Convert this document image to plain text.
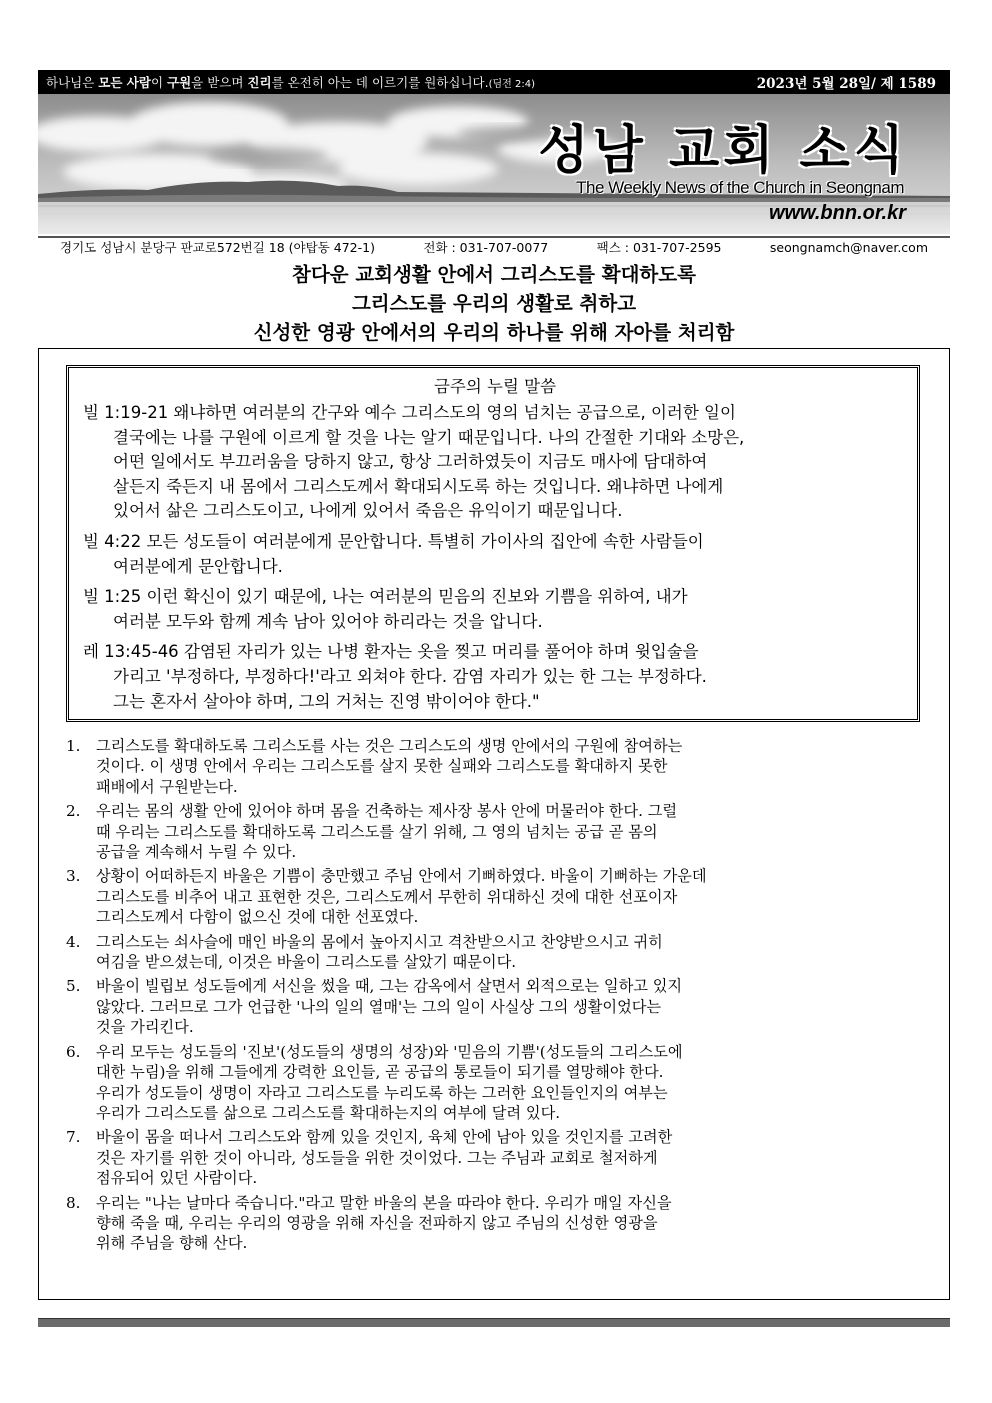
하나님은 모든 사람이 구원을 받으며 진리를 온전히 아는 데 이르기를 원하십니다.(딤전 2:4)	2023년 5월 28일/ 제 1589
성남 교회 소식
The Weekly News of the Church in Seongnam
www.bnn.or.kr
경기도 성남시 분당구 판교로572번길 18 (야탑동 472-1)	전화 : 031-707-0077	팩스 : 031-707-2595	seongnamch@naver.com
참다운 교회생활 안에서 그리스도를 확대하도록
그리스도를 우리의 생활로 취하고
신성한 영광 안에서의 우리의 하나를 위해 자아를 처리함
금주의 누릴 말씀
빌 1:19-21 왜냐하면 여러분의 간구와 예수 그리스도의 영의 넘치는 공급으로, 이러한 일이
결국에는 나를 구원에 이르게 할 것을 나는 알기 때문입니다. 나의 간절한 기대와 소망은,
어떤 일에서도 부끄러움을 당하지 않고, 항상 그러하였듯이 지금도 매사에 담대하여
살든지 죽든지 내 몸에서 그리스도께서 확대되시도록 하는 것입니다. 왜냐하면 나에게
있어서 삶은 그리스도이고, 나에게 있어서 죽음은 유익이기 때문입니다.
빌 4:22 모든 성도들이 여러분에게 문안합니다. 특별히 가이사의 집안에 속한 사람들이
여러분에게 문안합니다.
빌 1:25 이런 확신이 있기 때문에, 나는 여러분의 믿음의 진보와 기쁨을 위하여, 내가
여러분 모두와 함께 계속 남아 있어야 하리라는 것을 압니다.
레 13:45-46 감염된 자리가 있는 나병 환자는 옷을 찢고 머리를 풀어야 하며 윗입술을
가리고 '부정하다, 부정하다!'라고 외쳐야 한다. 감염 자리가 있는 한 그는 부정하다.
그는 혼자서 살아야 하며, 그의 거처는 진영 밖이어야 한다."
1. 그리스도를 확대하도록 그리스도를 사는 것은 그리스도의 생명 안에서의 구원에 참여하는
것이다. 이 생명 안에서 우리는 그리스도를 살지 못한 실패와 그리스도를 확대하지 못한
패배에서 구원받는다.
2. 우리는 몸의 생활 안에 있어야 하며 몸을 건축하는 제사장 봉사 안에 머물러야 한다. 그럴
때 우리는 그리스도를 확대하도록 그리스도를 살기 위해, 그 영의 넘치는 공급 곧 몸의
공급을 계속해서 누릴 수 있다.
3. 상황이 어떠하든지 바울은 기쁨이 충만했고 주님 안에서 기뻐하였다. 바울이 기뻐하는 가운데
그리스도를 비추어 내고 표현한 것은, 그리스도께서 무한히 위대하신 것에 대한 선포이자
그리스도께서 다함이 없으신 것에 대한 선포였다.
4. 그리스도는 쇠사슬에 매인 바울의 몸에서 높아지시고 격찬받으시고 찬양받으시고 귀히
여김을 받으셨는데, 이것은 바울이 그리스도를 살았기 때문이다.
5. 바울이 빌립보 성도들에게 서신을 썼을 때, 그는 감옥에서 살면서 외적으로는 일하고 있지
않았다. 그러므로 그가 언급한 '나의 일의 열매'는 그의 일이 사실상 그의 생활이었다는
것을 가리킨다.
6. 우리 모두는 성도들의 '진보'(성도들의 생명의 성장)와 '믿음의 기쁨'(성도들의 그리스도에
대한 누림)을 위해 그들에게 강력한 요인들, 곧 공급의 통로들이 되기를 열망해야 한다.
우리가 성도들이 생명이 자라고 그리스도를 누리도록 하는 그러한 요인들인지의 여부는
우리가 그리스도를 삶으로 그리스도를 확대하는지의 여부에 달려 있다.
7. 바울이 몸을 떠나서 그리스도와 함께 있을 것인지, 육체 안에 남아 있을 것인지를 고려한
것은 자기를 위한 것이 아니라, 성도들을 위한 것이었다. 그는 주님과 교회로 철저하게
점유되어 있던 사람이다.
8. 우리는 "나는 날마다 죽습니다."라고 말한 바울의 본을 따라야 한다. 우리가 매일 자신을
향해 죽을 때, 우리는 우리의 영광을 위해 자신을 전파하지 않고 주님의 신성한 영광을
위해 주님을 향해 산다.
